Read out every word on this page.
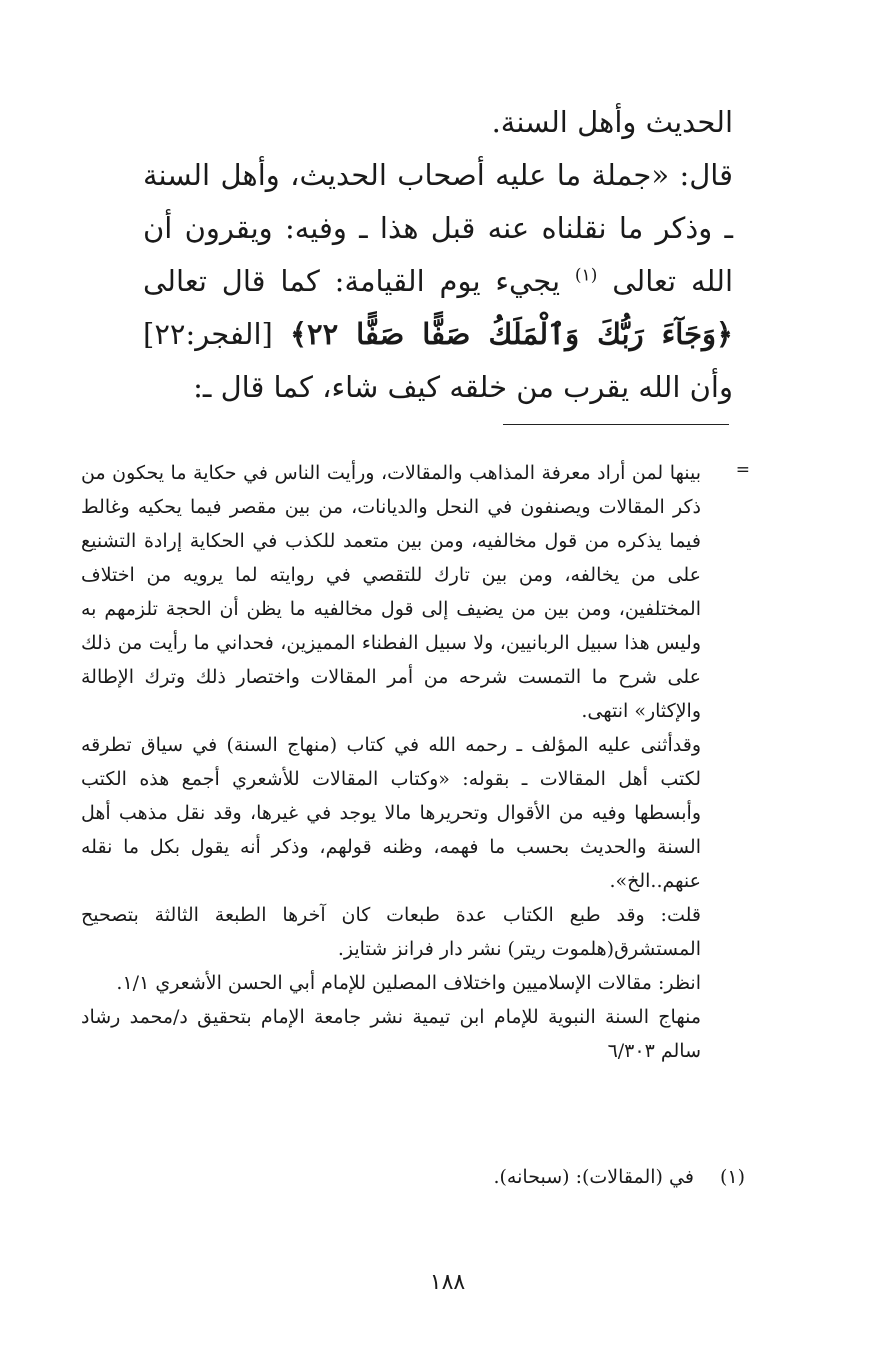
الحديث وأهل السنة.

قال: «جملة ما عليه أصحاب الحديث، وأهل السنة ـ وذكر ما نقلناه عنه قبل هذا ـ وفيه: ويقرون أن الله تعالى $^{(١)}$ يجيء يوم القيامة: كما قال تعالى ﴿وَجَآءَ رَبُّكَ وَٱلْمَلَكُ صَفًّا صَفًّا ٢٢﴾ [الفجر:٢٢] وأن الله يقرب من خلقه كيف شاء، كما قال ـ:

=

بينها لمن أراد معرفة المذاهب والمقالات، ورأيت الناس في حكاية ما يحكون من ذكر المقالات ويصنفون في النحل والديانات، من بين مقصر فيما يحكيه وغالط فيما يذكره من قول مخالفيه، ومن بين متعمد للكذب في الحكاية إرادة التشنيع على من يخالفه، ومن بين تارك للتقصي في روايته لما يرويه من اختلاف المختلفين، ومن بين من يضيف إلى قول مخالفيه ما يظن أن الحجة تلزمهم به وليس هذا سبيل الربانيين، ولا سبيل الفطناء المميزين، فحداني ما رأيت من ذلك على شرح ما التمست شرحه من أمر المقالات واختصار ذلك وترك الإطالة والإكثار» انتهى.

وقدأثنى عليه المؤلف ـ رحمه الله في كتاب (منهاج السنة) في سياق تطرقه لكتب أهل المقالات ـ بقوله: «وكتاب المقالات للأشعري أجمع هذه الكتب وأبسطها وفيه من الأقوال وتحريرها مالا يوجد في غيرها، وقد نقل مذهب أهل السنة والحديث بحسب ما فهمه، وظنه قولهم، وذكر أنه يقول بكل ما نقله عنهم..الخ».

قلت: وقد طبع الكتاب عدة طبعات كان آخرها الطبعة الثالثة بتصحيح المستشرق(هلموت ريتر) نشر دار فرانز شتايز.

انظر: مقالات الإسلاميين واختلاف المصلين للإمام أبي الحسن الأشعري ١/١.

منهاج السنة النبوية للإمام ابن تيمية نشر جامعة الإمام بتحقيق د/محمد رشاد سالم ٦/٣٠٣

(١)
في (المقالات): (سبحانه).
١٨٨
